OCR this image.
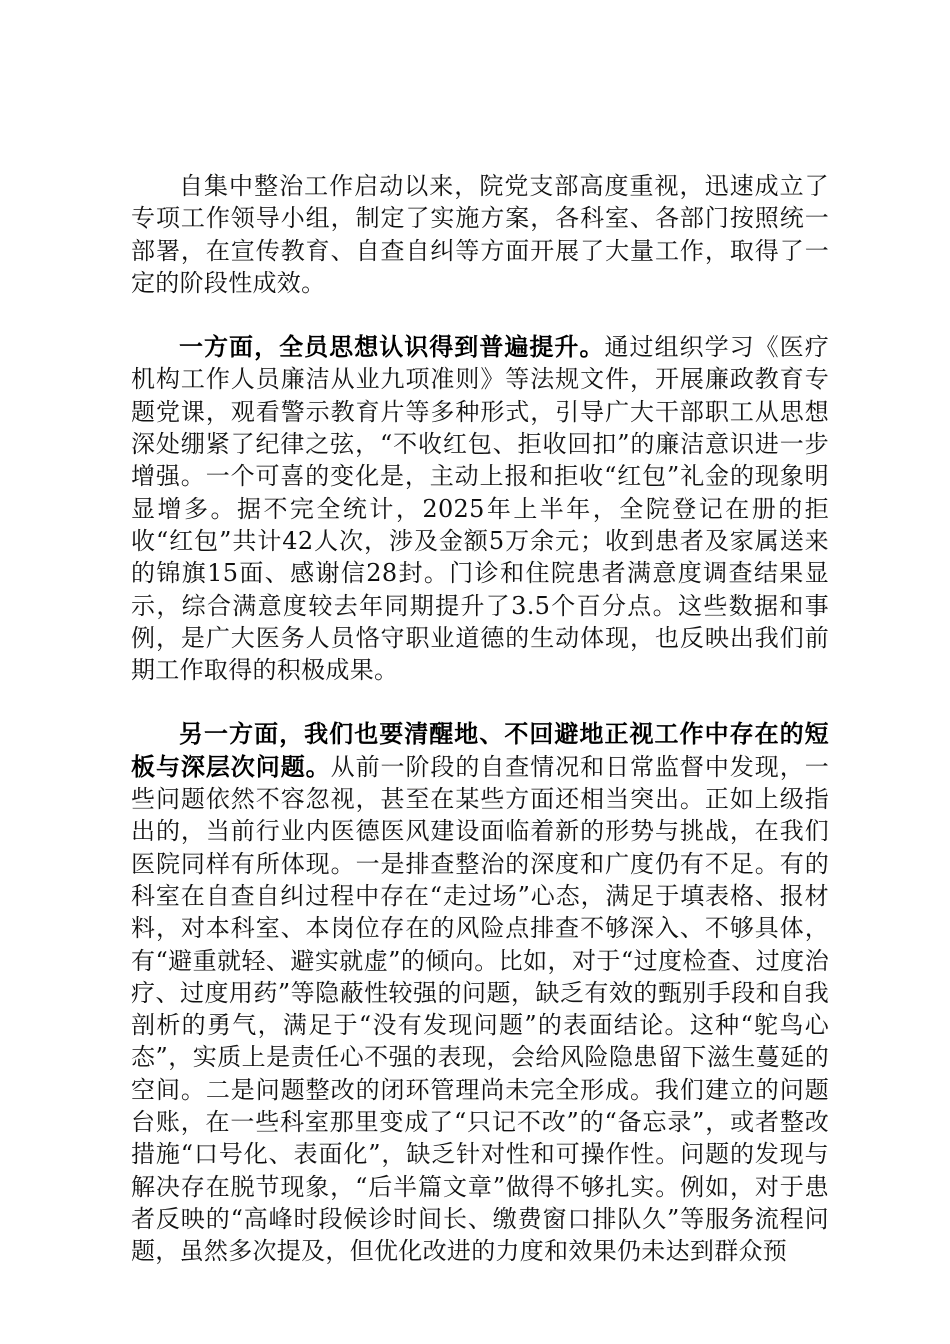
自集中整治工作启动以来，院党支部高度重视，迅速成立了专项工作领导小组，制定了实施方案，各科室、各部门按照统一部署，在宣传教育、自查自纠等方面开展了大量工作，取得了一定的阶段性成效。

一方面，全员思想认识得到普遍提升。通过组织学习《医疗机构工作人员廉洁从业九项准则》等法规文件，开展廉政教育专题党课，观看警示教育片等多种形式，引导广大干部职工从思想深处绷紧了纪律之弦，“不收红包、拒收回扣”的廉洁意识进一步增强。一个可喜的变化是，主动上报和拒收“红包”礼金的现象明显增多。据不完全统计，2025年上半年，全院登记在册的拒收“红包”共计42人次，涉及金额5万余元；收到患者及家属送来的锦旗15面、感谢信28封。门诊和住院患者满意度调查结果显示，综合满意度较去年同期提升了3.5个百分点。这些数据和事例，是广大医务人员恪守职业道德的生动体现，也反映出我们前期工作取得的积极成果。

另一方面，我们也要清醒地、不回避地正视工作中存在的短板与深层次问题。从前一阶段的自查情况和日常监督中发现，一些问题依然不容忽视，甚至在某些方面还相当突出。正如上级指出的，当前行业内医德医风建设面临着新的形势与挑战，在我们医院同样有所体现。一是排查整治的深度和广度仍有不足。有的科室在自查自纠过程中存在“走过场”心态，满足于填表格、报材料，对本科室、本岗位存在的风险点排查不够深入、不够具体，有“避重就轻、避实就虚”的倾向。比如，对于“过度检查、过度治疗、过度用药”等隐蔽性较强的问题，缺乏有效的甄别手段和自我剖析的勇气，满足于“没有发现问题”的表面结论。这种“鸵鸟心态”，实质上是责任心不强的表现，会给风险隐患留下滋生蔓延的空间。二是问题整改的闭环管理尚未完全形成。我们建立的问题台账，在一些科室那里变成了“只记不改”的“备忘录”，或者整改措施“口号化、表面化”，缺乏针对性和可操作性。问题的发现与解决存在脱节现象，“后半篇文章”做得不够扎实。例如，对于患者反映的“高峰时段候诊时间长、缴费窗口排队久”等服务流程问题，虽然多次提及，但优化改进的力度和效果仍未达到群众预
